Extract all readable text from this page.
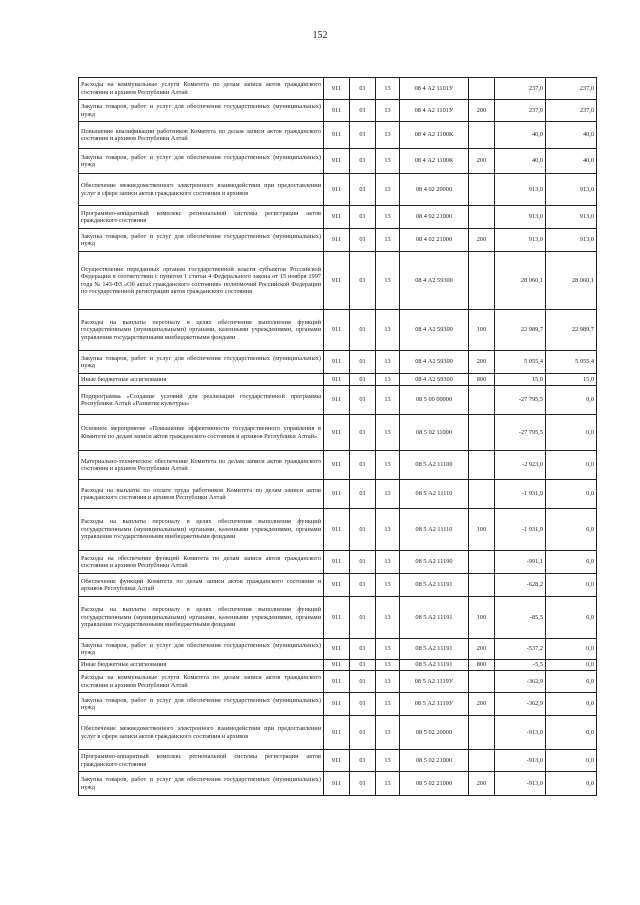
152
Расходы на коммунальные услуги Комитета по делам записи актов гражданского состояния и архивов Республики Алтай	911	01	13	08 4 А2 1101У		237,0	237,0
Закупка товаров, работ и услуг для обеспечения государственных (муниципальных) нужд	911	01	13	08 4 А2 1101У	200	237,0	237,0
Повышение квалификации работников Комитета по делам записи актов гражданского состояния и архивов Республики Алтай	911	01	13	08 4 А2 1100К		40,0	40,0
Закупка товаров, работ и услуг для обеспечения государственных (муниципальных) нужд	911	01	13	08 4 А2 1100К	200	40,0	40,0
Обеспечение межведомственного электронного взаимодействия при предоставлении услуг в сфере записи актов гражданского состояния и архивов	911	01	13	08 4 02 20000		913,0	913,0
Программно-аппаратный комплекс региональной системы регистрации актов гражданского состояния	911	01	13	08 4 02 21000		913,0	913,0
Закупка товаров, работ и услуг для обеспечения государственных (муниципальных) нужд	911	01	13	08 4 02 21000	200	913,0	913,0
Осуществление переданных органам государственной власти субъектов Российской Федерации в соответствии с пунктом 1 статьи 4 Федерального закона от 15 ноября 1997 года № 143-ФЗ «Об актах гражданского состояния» полномочий Российской Федерации по государственной регистрации актов гражданского состояния	911	01	13	08 4 А2 59300		28 060,1	28 060,1
Расходы на выплаты персоналу в целях обеспечения выполнения функций государственными (муниципальными) органами, казенными учреждениями, органами управления государственными внебюджетными фондами	911	01	13	08 4 А2 59300	100	22 989,7	22 989,7
Закупка товаров, работ и услуг для обеспечения государственных (муниципальных) нужд	911	01	13	08 4 А2 59300	200	5 055,4	5 055,4
Иные бюджетные ассигнования	911	01	13	08 4 А2 59300	800	15,0	15,0
Подпрограмма «Создание условий для реализации государственной программы Республики Алтай «Развитие культуры»	911	01	13	08 5 00 00000		-27 795,5	0,0
Основное мероприятие «Повышение эффективности государственного управления в Комитете по делам записи актов гражданского состояния и архивов Республики Алтай»	911	01	13	08 5 02 11000		-27 795,5	0,0
Материально-техническое обеспечение Комитета по делам записи актов гражданского состояния и архивов Республики Алтай	911	01	13	08 5 А2 11100		-2 923,0	0,0
Расходы на выплаты по оплате труда работников Комитета по делам записи актов гражданского состояния и архивов Республики Алтай	911	01	13	08 5 А2 11110		-1 931,9	0,0
Расходы на выплаты персоналу в целях обеспечения выполнения функций государственными (муниципальными) органами, казенными учреждениями, органами управления государственными внебюджетными фондами	911	01	13	08 5 А2 11110	100	-1 931,9	0,0
Расходы на обеспечение функций Комитета по делам записи актов гражданского состояния и архивов Республики Алтай	911	01	13	08 5 А2 11190		-991,1	0,0
Обеспечение функций Комитета по делам записи актов гражданского состояния и архивов Республики Алтай	911	01	13	08 5 А2 11191		-628,2	0,0
Расходы на выплаты персоналу в целях обеспечения выполнения функций государственными (муниципальными) органами, казенными учреждениями, органами управления государственными внебюджетными фондами	911	01	13	08 5 А2 11191	100	-85,5	0,0
Закупка товаров, работ и услуг для обеспечения государственных (муниципальных) нужд	911	01	13	08 5 А2 11191	200	-537,2	0,0
Иные бюджетные ассигнования	911	01	13	08 5 А2 11191	800	-5,5	0,0
Расходы на коммунальные услуги Комитета по делам записи актов гражданского состояния и архивов Республики Алтай	911	01	13	08 5 А2 1119У		-362,9	0,0
Закупка товаров, работ и услуг для обеспечения государственных (муниципальных) нужд	911	01	13	08 5 А2 1119У	200	-362,9	0,0
Обеспечение межведомственного электронного взаимодействия при предоставлении услуг в сфере записи актов гражданского состояния и архивов	911	01	13	08 5 02 20000		-913,0	0,0
Программно-аппаратный комплекс региональной системы регистрации актов гражданского состояния	911	01	13	08 5 02 21000		-913,0	0,0
Закупка товаров, работ и услуг для обеспечения государственных (муниципальных) нужд	911	01	13	08 5 02 21000	200	-913,0	0,0
